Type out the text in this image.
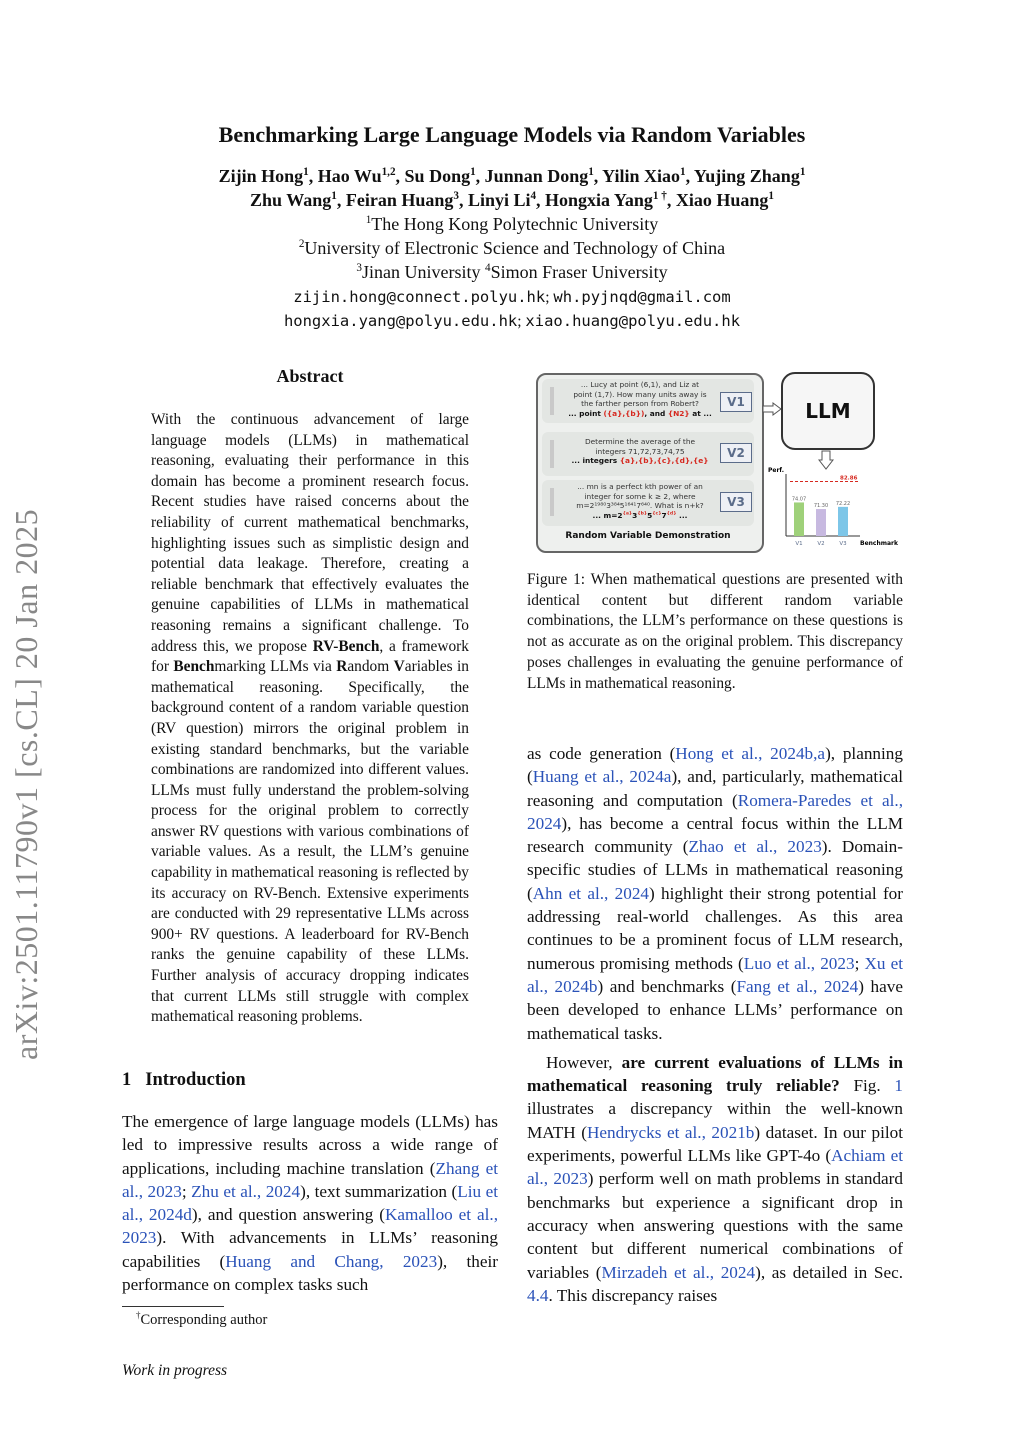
arXiv:2501.11790v1 [cs.CL] 20 Jan 2025
Benchmarking Large Language Models via Random Variables
Zijin Hong$^1$, Hao Wu$^{1,2}$, Su Dong$^1$, Junnan Dong$^1$, Yilin Xiao$^1$, Yujing Zhang$^1$
Zhu Wang$^1$, Feiran Huang$^3$, Linyi Li$^4$, Hongxia Yang$^{1 \dagger}$, Xiao Huang$^1$
$^1$The Hong Kong Polytechnic University
$^2$University of Electronic Science and Technology of China
$^3$Jinan University $^4$Simon Fraser University
zijin.hong@connect.polyu.hk; wh.pyjnqd@gmail.com
hongxia.yang@polyu.edu.hk; xiao.huang@polyu.edu.hk
Abstract

With the continuous advancement of large language models (LLMs) in mathematical reasoning, evaluating their performance in this domain has become a prominent research focus. Recent studies have raised concerns about the reliability of current mathematical benchmarks, highlighting issues such as simplistic design and potential data leakage. Therefore, creating a reliable benchmark that effectively evaluates the genuine capabilities of LLMs in mathematical reasoning remains a significant challenge. To address this, we propose RV-Bench, a framework for Benchmarking LLMs via Random Variables in mathematical reasoning. Specifically, the background content of a random variable question (RV question) mirrors the original problem in existing standard benchmarks, but the variable combinations are randomized into different values. LLMs must fully understand the problem-solving process for the original problem to correctly answer RV questions with various combinations of variable values. As a result, the LLM’s genuine capability in mathematical reasoning is reflected by its accuracy on RV-Bench. Extensive experiments are conducted with 29 representative LLMs across 900+ RV questions. A leaderboard for RV-Bench ranks the genuine capability of these LLMs. Further analysis of accuracy dropping indicates that current LLMs still struggle with complex mathematical reasoning problems.

1 Introduction

The emergence of large language models (LLMs) has led to impressive results across a wide range of applications, including machine translation (Zhang et al., 2023; Zhu et al., 2024), text summarization (Liu et al., 2024d), and question answering (Kamalloo et al., 2023). With advancements in LLMs’ reasoning capabilities (Huang and Chang, 2023), their performance on complex tasks such

... Lucy at point (6,1), and Liz at
point (1,7). How many units away is
the farther person from Robert?
... point ({a},{b}), and {N2} at ...
V1
Determine the average of the
integers 71,72,73,74,75
... integers {a},{b},{c},{d},{e}
V2
... mn is a perfect kth power of an
integer for some k ≥ 2, where
m=2¹⁹⁸⁰3³⁸⁴5¹⁶⁴¹7⁶⁴⁰. What is n+k?
... $m=2^{\{a\}}3^{\{b\}}5^{\{c\}}7^{\{d\}}$ ...
V3
Random Variable Demonstration
LLM
Perf.
Benchmark
82.86
74.07
V1
71.30
V2
72.22
V3
Figure 1: When mathematical questions are presented with identical content but different random variable combinations, the LLM’s performance on these questions is not as accurate as on the original problem. This discrepancy poses challenges in evaluating the genuine performance of LLMs in mathematical reasoning.

as code generation (Hong et al., 2024b,a), planning (Huang et al., 2024a), and, particularly, mathematical reasoning and computation (Romera-Paredes et al., 2024), has become a central focus within the LLM research community (Zhao et al., 2023). Domain-specific studies of LLMs in mathematical reasoning (Ahn et al., 2024) highlight their strong potential for addressing real-world challenges. As this area continues to be a prominent focus of LLM research, numerous promising methods (Luo et al., 2023; Xu et al., 2024b) and benchmarks (Fang et al., 2024) have been developed to enhance LLMs’ performance on mathematical tasks.

However, are current evaluations of LLMs in mathematical reasoning truly reliable? Fig. 1 illustrates a discrepancy within the well-known MATH (Hendrycks et al., 2021b) dataset. In our pilot experiments, powerful LLMs like GPT-4o (Achiam et al., 2023) perform well on math problems in standard benchmarks but experience a significant drop in accuracy when answering questions with the same content but different numerical combinations of variables (Mirzadeh et al., 2024), as detailed in Sec. 4.4. This discrepancy raises

†Corresponding author
Work in progress
